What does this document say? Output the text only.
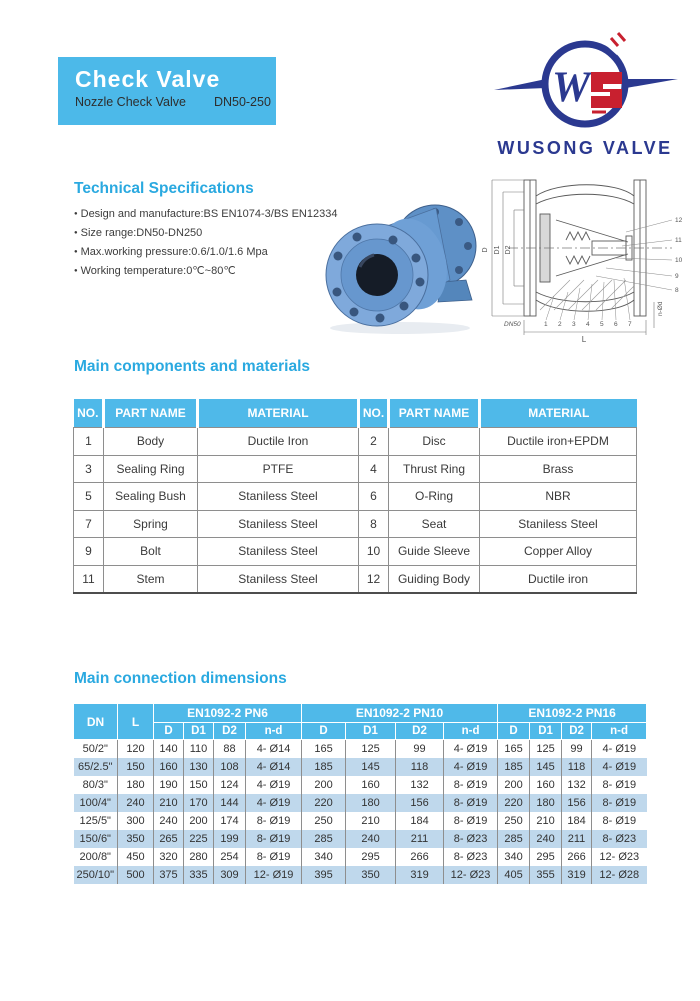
Check Valve
Nozzle Check Valve DN50-250	W
WUSONG VALVE
Technical Specifications
● Design and manufacture:BS EN1074-3/BS EN12334
● Size range:DN50-DN250
● Max.working pressure:0.6/1.0/1.6 Mpa
● Working temperature:0℃~80℃
D D1 D2
L
DN50
n-Ød
1 2 3 4 5 6 7
12
11
10
9
8
Main components and materials
NO.	PART NAME	MATERIAL	NO.	PART NAME	MATERIAL
1	Body	Ductile Iron	2	Disc	Ductile iron+EPDM
3	Sealing Ring	PTFE	4	Thrust Ring	Brass
5	Sealing Bush	Staniless Steel	6	O-Ring	NBR
7	Spring	Staniless Steel	8	Seat	Staniless Steel
9	Bolt	Staniless Steel	10	Guide Sleeve	Copper Alloy
11	Stem	Staniless Steel	12	Guiding Body	Ductile iron
Main connection dimensions
DN	L	EN1092-2 PN6				EN1092-2 PN10				EN1092-2 PN16			
		D	D1	D2	n-d	D	D1	D2	n-d	D	D1	D2	n-d
50/2"	120	140	110	88	4- Ø14	165	125	99	4- Ø19	165	125	99	4- Ø19
65/2.5"	150	160	130	108	4- Ø14	185	145	118	4- Ø19	185	145	118	4- Ø19
80/3"	180	190	150	124	4- Ø19	200	160	132	8- Ø19	200	160	132	8- Ø19
100/4"	240	210	170	144	4- Ø19	220	180	156	8- Ø19	220	180	156	8- Ø19
125/5"	300	240	200	174	8- Ø19	250	210	184	8- Ø19	250	210	184	8- Ø19
150/6"	350	265	225	199	8- Ø19	285	240	211	8- Ø23	285	240	211	8- Ø23
200/8"	450	320	280	254	8- Ø19	340	295	266	8- Ø23	340	295	266	12- Ø23
250/10"	500	375	335	309	12- Ø19	395	350	319	12- Ø23	405	355	319	12- Ø28
